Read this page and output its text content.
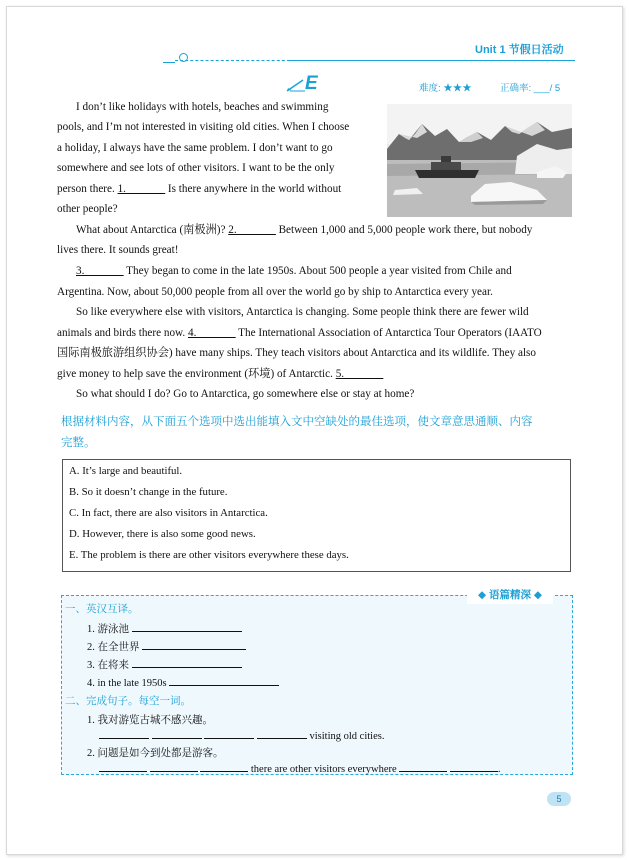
Unit 1 节假日活动
E	难度: ★★★	正确率: ___/ 5
I don’t like holidays with hotels, beaches and swimming
pools, and I’m not interested in visiting old cities. When I choose
a holiday, I always have the same problem. I don’t want to go
somewhere and see lots of other visitors. I want to be the only
person there. 1._______ Is there anywhere in the world without
other people?
What about Antarctica (南极洲)? 2._______ Between 1,000 and 5,000 people work there, but nobody
lives there. It sounds great!
3._______ They began to come in the late 1950s. About 500 people a year visited from Chile and
Argentina. Now, about 50,000 people from all over the world go by ship to Antarctica every year.
So like everywhere else with visitors, Antarctica is changing. Some people think there are fewer wild
animals and birds there now. 4._______ The International Association of Antarctica Tour Operators (IAATO
国际南极旅游组织协会) have many ships. They teach visitors about Antarctica and its wildlife. They also
give money to help save the environment (环境) of Antarctic. 5._______
So what should I do? Go to Antarctica, go somewhere else or stay at home?
根据材料内容，从下面五个选项中选出能填入文中空缺处的最佳选项，使文章意思通顺、内容
完整。
A. It’s large and beautiful.
B. So it doesn’t change in the future.
C. In fact, there are also visitors in Antarctica.
D. However, there is also some good news.
E. The problem is there are other visitors everywhere these days.
◆ 语篇精深 ◆
一、英汉互译。
1. 游泳池
2. 在全世界
3. 在将来
4. in the late 1950s
二、完成句子。每空一词。
1. 我对游览古城不感兴趣。
visiting old cities.
2. 问题是如今到处都是游客。
there are other visitors everywhere	.
5
